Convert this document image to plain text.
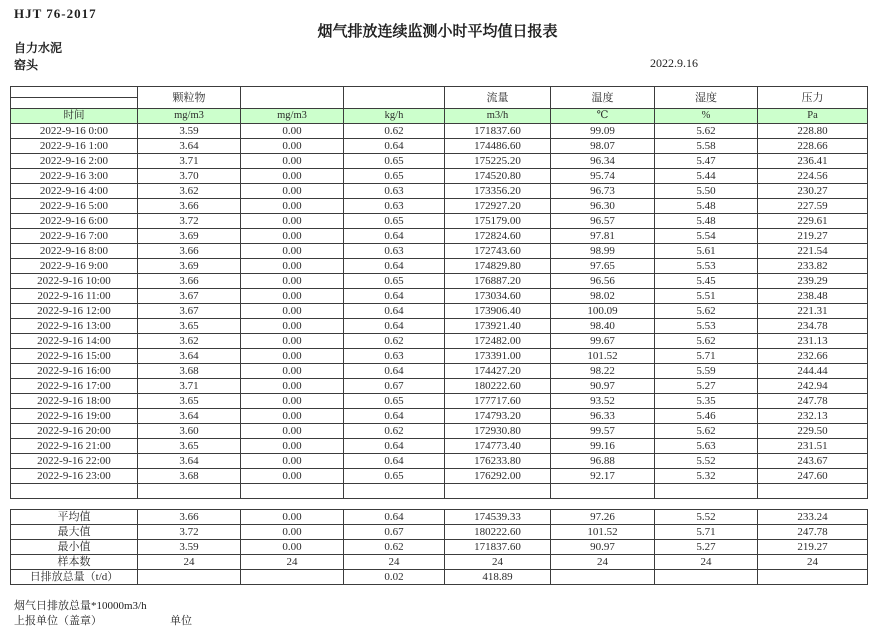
HJT 76-2017
烟气排放连续监测小时平均值日报表
自力水泥
窑头	2022.9.16
	颗粒物			流量	温度	湿度	压力

时间	mg/m3	mg/m3	kg/h	m3/h	℃	%	Pa
2022-9-16 0:00	3.59	0.00	0.62	171837.60	99.09	5.62	228.80
2022-9-16 1:00	3.64	0.00	0.64	174486.60	98.07	5.58	228.66
2022-9-16 2:00	3.71	0.00	0.65	175225.20	96.34	5.47	236.41
2022-9-16 3:00	3.70	0.00	0.65	174520.80	95.74	5.44	224.56
2022-9-16 4:00	3.62	0.00	0.63	173356.20	96.73	5.50	230.27
2022-9-16 5:00	3.66	0.00	0.63	172927.20	96.30	5.48	227.59
2022-9-16 6:00	3.72	0.00	0.65	175179.00	96.57	5.48	229.61
2022-9-16 7:00	3.69	0.00	0.64	172824.60	97.81	5.54	219.27
2022-9-16 8:00	3.66	0.00	0.63	172743.60	98.99	5.61	221.54
2022-9-16 9:00	3.69	0.00	0.64	174829.80	97.65	5.53	233.82
2022-9-16 10:00	3.66	0.00	0.65	176887.20	96.56	5.45	239.29
2022-9-16 11:00	3.67	0.00	0.64	173034.60	98.02	5.51	238.48
2022-9-16 12:00	3.67	0.00	0.64	173906.40	100.09	5.62	221.31
2022-9-16 13:00	3.65	0.00	0.64	173921.40	98.40	5.53	234.78
2022-9-16 14:00	3.62	0.00	0.62	172482.00	99.67	5.62	231.13
2022-9-16 15:00	3.64	0.00	0.63	173391.00	101.52	5.71	232.66
2022-9-16 16:00	3.68	0.00	0.64	174427.20	98.22	5.59	244.44
2022-9-16 17:00	3.71	0.00	0.67	180222.60	90.97	5.27	242.94
2022-9-16 18:00	3.65	0.00	0.65	177717.60	93.52	5.35	247.78
2022-9-16 19:00	3.64	0.00	0.64	174793.20	96.33	5.46	232.13
2022-9-16 20:00	3.60	0.00	0.62	172930.80	99.57	5.62	229.50
2022-9-16 21:00	3.65	0.00	0.64	174773.40	99.16	5.63	231.51
2022-9-16 22:00	3.64	0.00	0.64	176233.80	96.88	5.52	243.67
2022-9-16 23:00	3.68	0.00	0.65	176292.00	92.17	5.32	247.60

平均值	3.66	0.00	0.64	174539.33	97.26	5.52	233.24
最大值	3.72	0.00	0.67	180222.60	101.52	5.71	247.78
最小值	3.59	0.00	0.62	171837.60	90.97	5.27	219.27
样本数	24	24	24	24	24	24	24
日排放总量（t/d）			0.02	418.89			
烟气日排放总量*10000m3/h
上报单位（盖章）	单位
